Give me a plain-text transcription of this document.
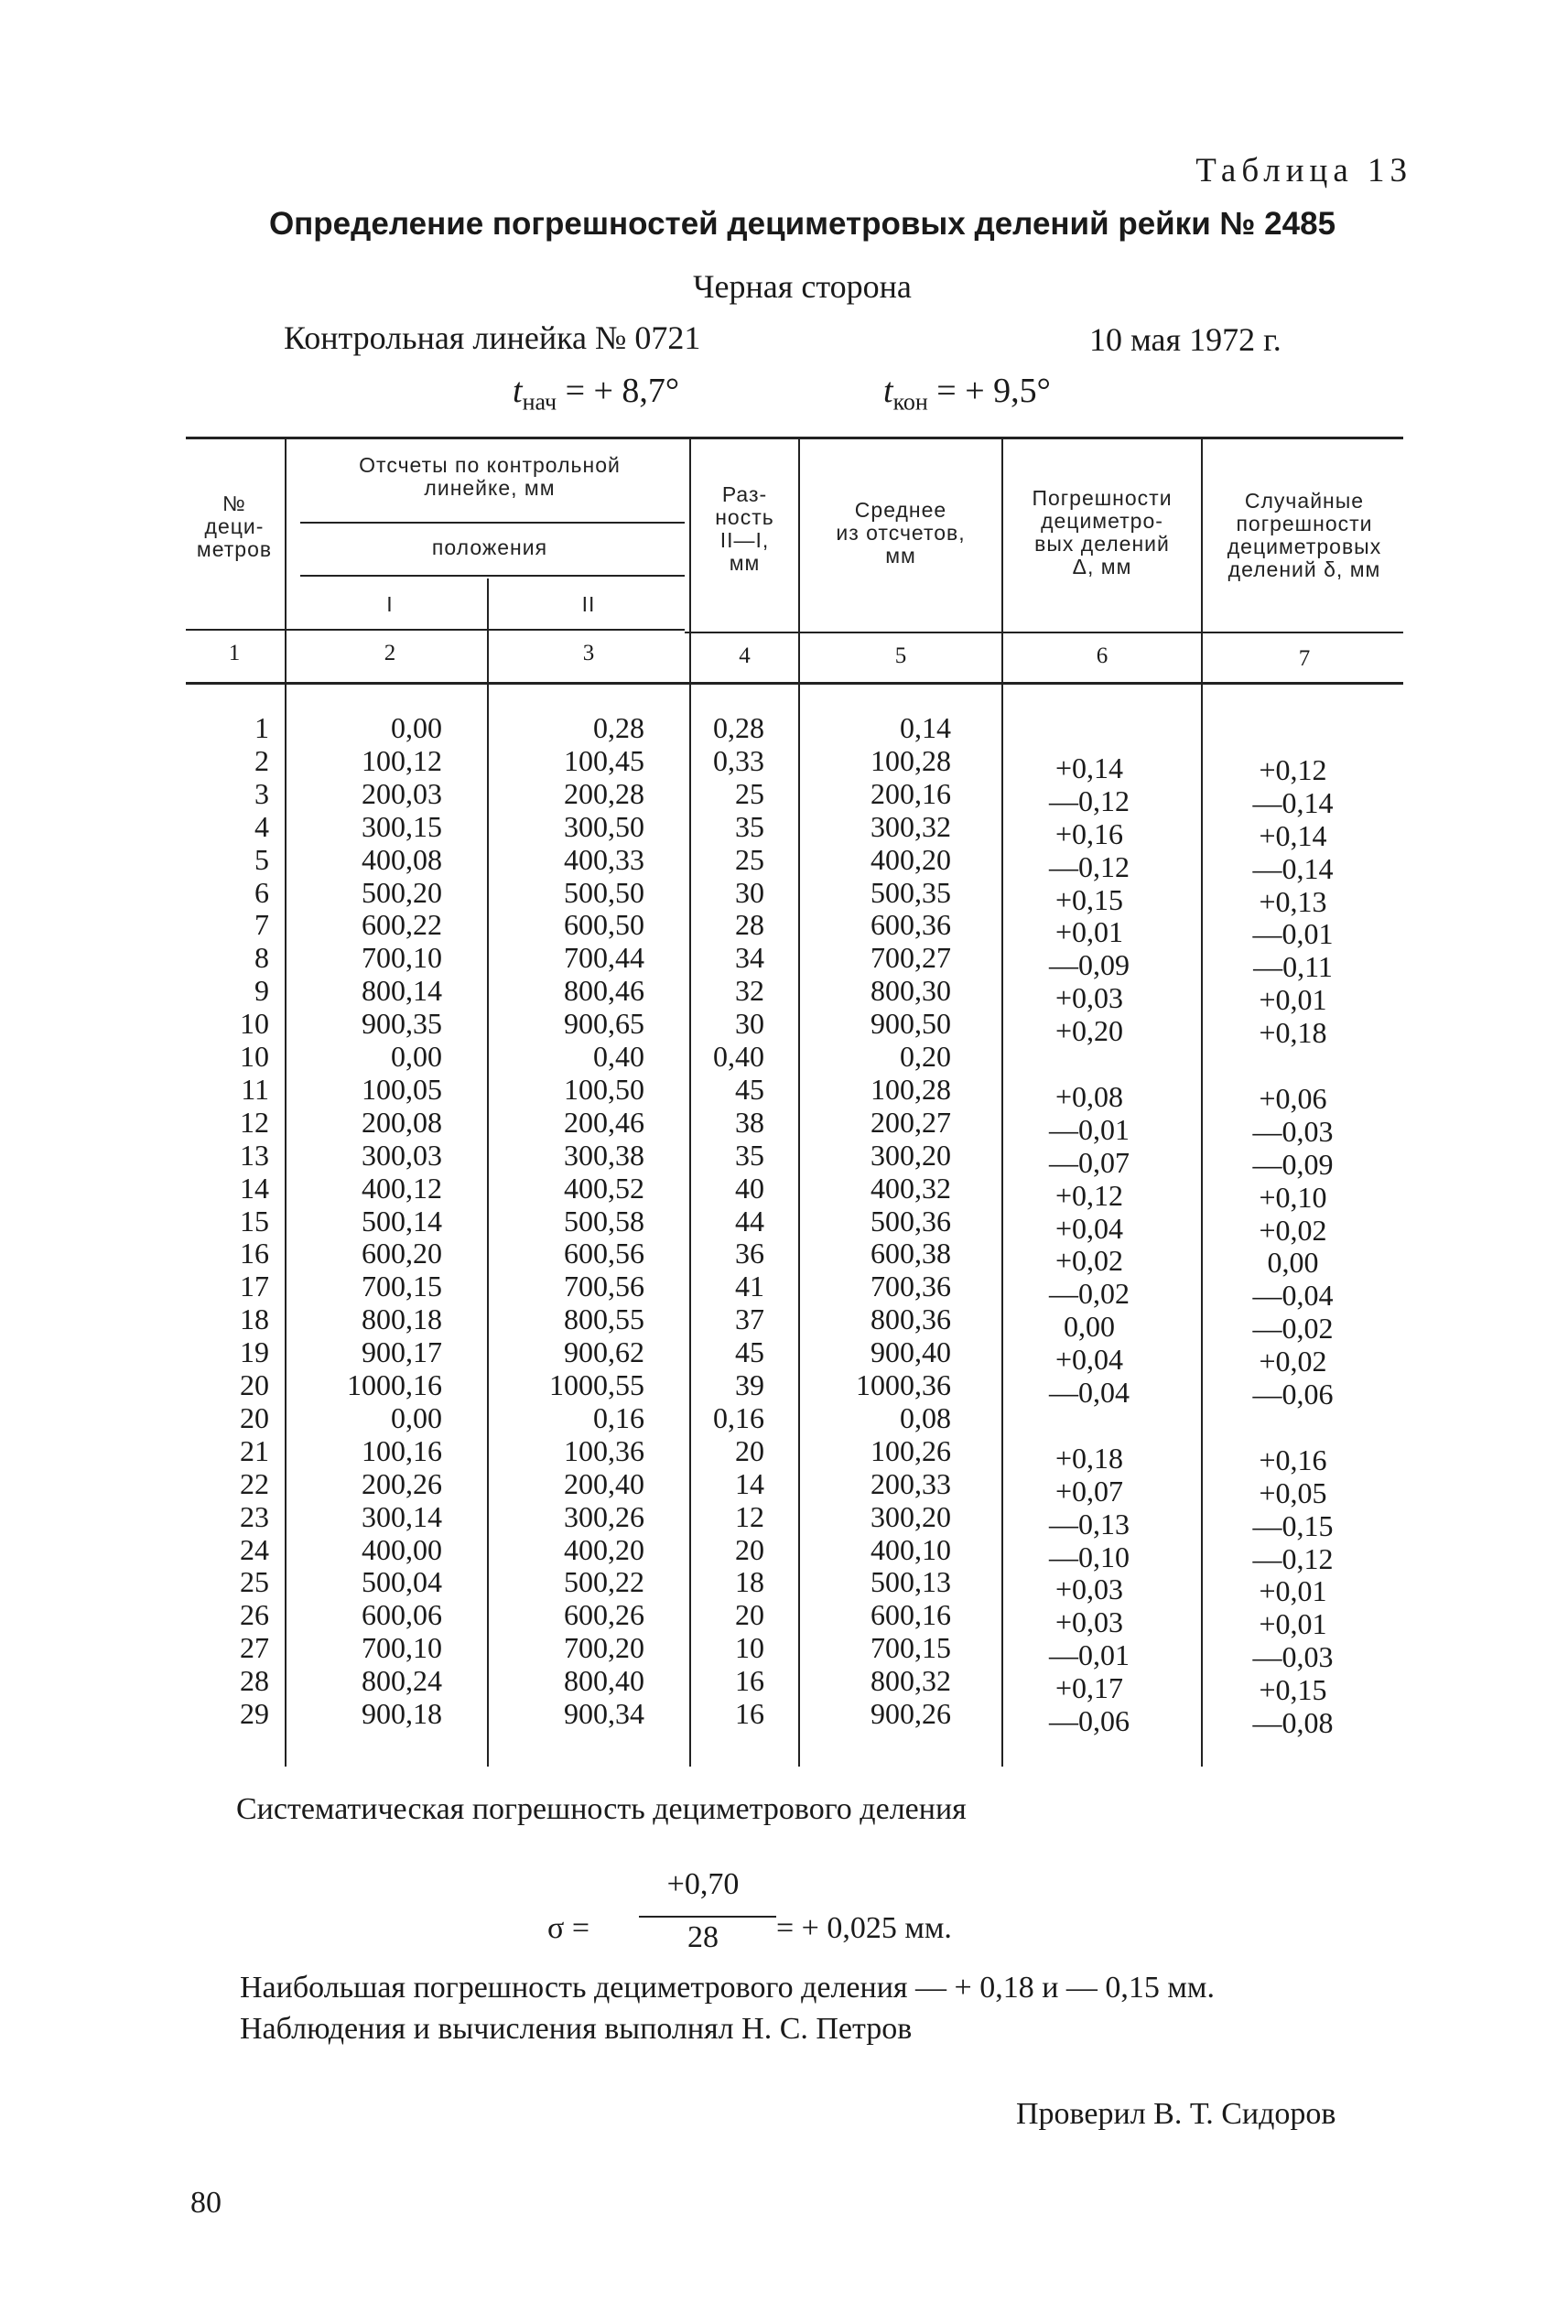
Таблица 13
Определение погрешностей дециметровых делений рейки № 2485
Черная сторона
Контрольная линейка № 0721	10 мая 1972 г.
$t_{нач}$ = + 8,7°	$t_{кон}$ = + 9,5°
№
деци-
метров
Отсчеты по контрольной
линейке, мм
положения
I	II
Раз-
ность
II—I,
мм
Среднее
из отсчетов,
мм
Погрешности
дециметро-
вых делений
Δ, мм
Случайные
погрешности
дециметровых
делений δ, мм
1	2	3	4	5	6	7
1	0,00	0,28	0,28	0,14
2	100,12	100,45	0,33	100,28	+0,14	+0,12
3	200,03	200,28	25	200,16	—0,12	—0,14
4	300,15	300,50	35	300,32	+0,16	+0,14
5	400,08	400,33	25	400,20	—0,12	—0,14
6	500,20	500,50	30	500,35	+0,15	+0,13
7	600,22	600,50	28	600,36	+0,01	—0,01
8	700,10	700,44	34	700,27	—0,09	—0,11
9	800,14	800,46	32	800,30	+0,03	+0,01
10	900,35	900,65	30	900,50	+0,20	+0,18
10	0,00	0,40	0,40	0,20
11	100,05	100,50	45	100,28	+0,08	+0,06
12	200,08	200,46	38	200,27	—0,01	—0,03
13	300,03	300,38	35	300,20	—0,07	—0,09
14	400,12	400,52	40	400,32	+0,12	+0,10
15	500,14	500,58	44	500,36	+0,04	+0,02
16	600,20	600,56	36	600,38	+0,02	0,00
17	700,15	700,56	41	700,36	—0,02	—0,04
18	800,18	800,55	37	800,36	0,00	—0,02
19	900,17	900,62	45	900,40	+0,04	+0,02
20	1000,16	1000,55	39	1000,36	—0,04	—0,06
20	0,00	0,16	0,16	0,08
21	100,16	100,36	20	100,26	+0,18	+0,16
22	200,26	200,40	14	200,33	+0,07	+0,05
23	300,14	300,26	12	300,20	—0,13	—0,15
24	400,00	400,20	20	400,10	—0,10	—0,12
25	500,04	500,22	18	500,13	+0,03	+0,01
26	600,06	600,26	20	600,16	+0,03	+0,01
27	700,10	700,20	10	700,15	—0,01	—0,03
28	800,24	800,40	16	800,32	+0,17	+0,15
29	900,18	900,34	16	900,26	—0,06	—0,08
Систематическая погрешность дециметрового деления
σ =
+0,70
28	= + 0,025 мм.
Наибольшая погрешность дециметрового деления — + 0,18 и — 0,15 мм.
Наблюдения и вычисления выполнял Н. С. Петров
Проверил В. Т. Сидоров
80
